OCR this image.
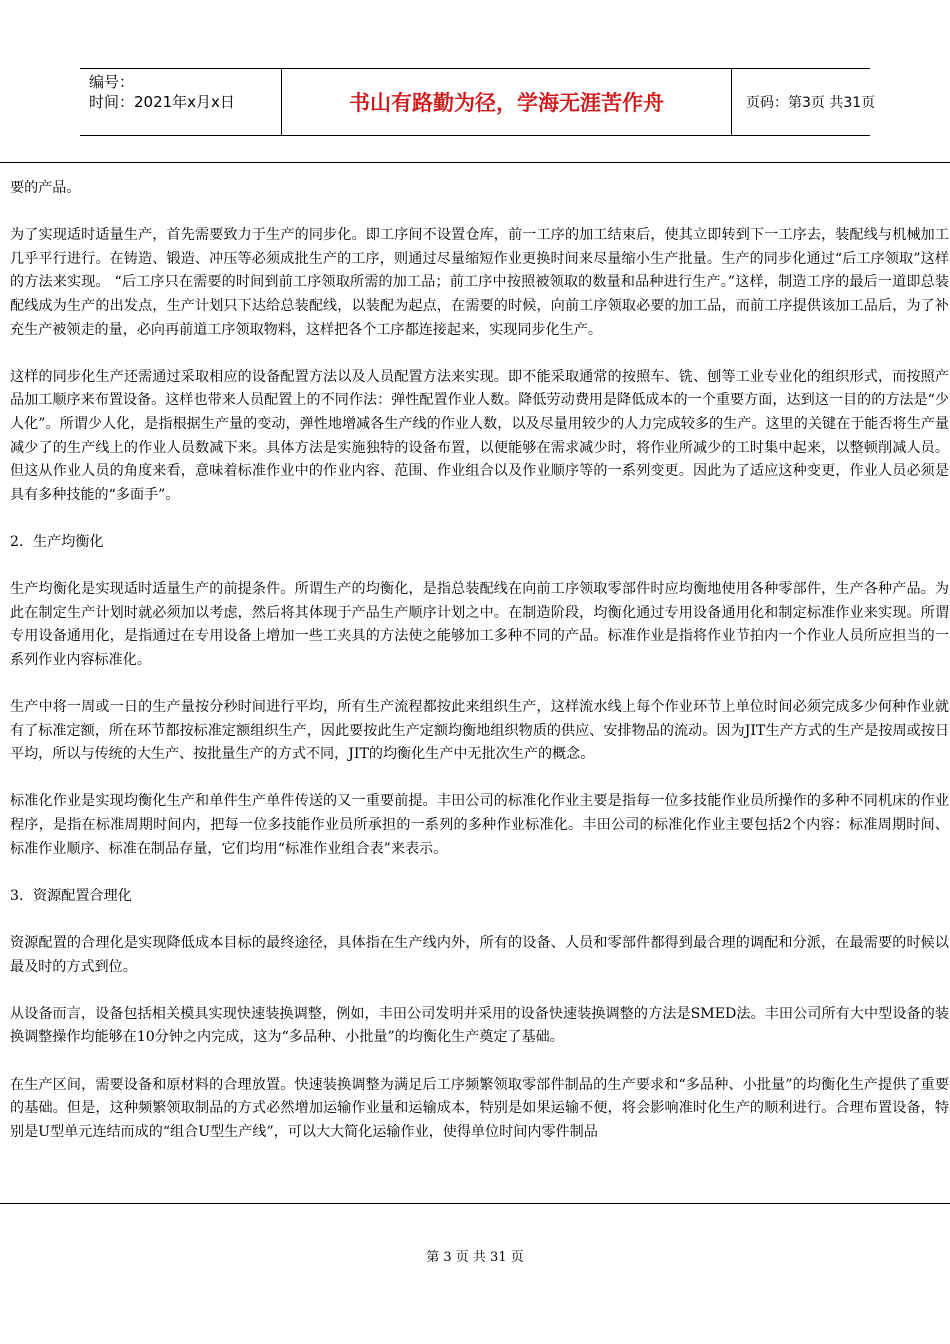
编号：
时间：2021年x月x日	书山有路勤为径，学海无涯苦作舟	页码：第3页 共31页

要的产品。

为了实现适时适量生产，首先需要致力于生产的同步化。即工序间不设置仓库，前一工序的加工结束后，使其立即转到下一工序去，装配线与机械加工几乎平行进行。在铸造、锻造、冲压等必须成批生产的工序，则通过尽量缩短作业更换时间来尽量缩小生产批量。生产的同步化通过“后工序领取”这样的方法来实现。 “后工序只在需要的时间到前工序领取所需的加工品；前工序中按照被领取的数量和品种进行生产。”这样，制造工序的最后一道即总装配线成为生产的出发点，生产计划只下达给总装配线，以装配为起点，在需要的时候，向前工序领取必要的加工品，而前工序提供该加工品后，为了补充生产被领走的量，必向再前道工序领取物料，这样把各个工序都连接起来，实现同步化生产。

这样的同步化生产还需通过采取相应的设备配置方法以及人员配置方法来实现。即不能采取通常的按照车、铣、刨等工业专业化的组织形式，而按照产品加工顺序来布置设备。这样也带来人员配置上的不同作法：弹性配置作业人数。降低劳动费用是降低成本的一个重要方面，达到这一目的的方法是“少人化”。所谓少人化，是指根据生产量的变动，弹性地增减各生产线的作业人数，以及尽量用较少的人力完成较多的生产。这里的关键在于能否将生产量减少了的生产线上的作业人员数减下来。具体方法是实施独特的设备布置，以便能够在需求减少时，将作业所减少的工时集中起来，以整顿削减人员。但这从作业人员的角度来看，意味着标准作业中的作业内容、范围、作业组合以及作业顺序等的一系列变更。因此为了适应这种变更，作业人员必须是具有多种技能的“多面手”。

2．生产均衡化

生产均衡化是实现适时适量生产的前提条件。所谓生产的均衡化，是指总装配线在向前工序领取零部件时应均衡地使用各种零部件，生产各种产品。为此在制定生产计划时就必须加以考虑，然后将其体现于产品生产顺序计划之中。在制造阶段，均衡化通过专用设备通用化和制定标准作业来实现。所谓专用设备通用化，是指通过在专用设备上增加一些工夹具的方法使之能够加工多种不同的产品。标准作业是指将作业节拍内一个作业人员所应担当的一系列作业内容标准化。

生产中将一周或一日的生产量按分秒时间进行平均，所有生产流程都按此来组织生产，这样流水线上每个作业环节上单位时间必须完成多少何种作业就有了标准定额，所在环节都按标准定额组织生产，因此要按此生产定额均衡地组织物质的供应、安排物品的流动。因为JIT生产方式的生产是按周或按日平均，所以与传统的大生产、按批量生产的方式不同，JIT的均衡化生产中无批次生产的概念。

标准化作业是实现均衡化生产和单件生产单件传送的又一重要前提。丰田公司的标准化作业主要是指每一位多技能作业员所操作的多种不同机床的作业程序，是指在标准周期时间内，把每一位多技能作业员所承担的一系列的多种作业标准化。丰田公司的标准化作业主要包括2个内容：标准周期时间、标准作业顺序、标准在制品存量，它们均用“标准作业组合表”来表示。

3．资源配置合理化

资源配置的合理化是实现降低成本目标的最终途径，具体指在生产线内外，所有的设备、人员和零部件都得到最合理的调配和分派，在最需要的时候以最及时的方式到位。

从设备而言，设备包括相关模具实现快速装换调整，例如，丰田公司发明并采用的设备快速装换调整的方法是SMED法。丰田公司所有大中型设备的装换调整操作均能够在10分钟之内完成，这为“多品种、小批量”的均衡化生产奠定了基础。

在生产区间，需要设备和原材料的合理放置。快速装换调整为满足后工序频繁领取零部件制品的生产要求和“多品种、小批量”的均衡化生产提供了重要的基础。但是，这种频繁领取制品的方式必然增加运输作业量和运输成本，特别是如果运输不便，将会影响准时化生产的顺利进行。合理布置设备，特别是U型单元连结而成的“组合U型生产线”，可以大大简化运输作业，使得单位时间内零件制品

第 3 页 共 31 页
